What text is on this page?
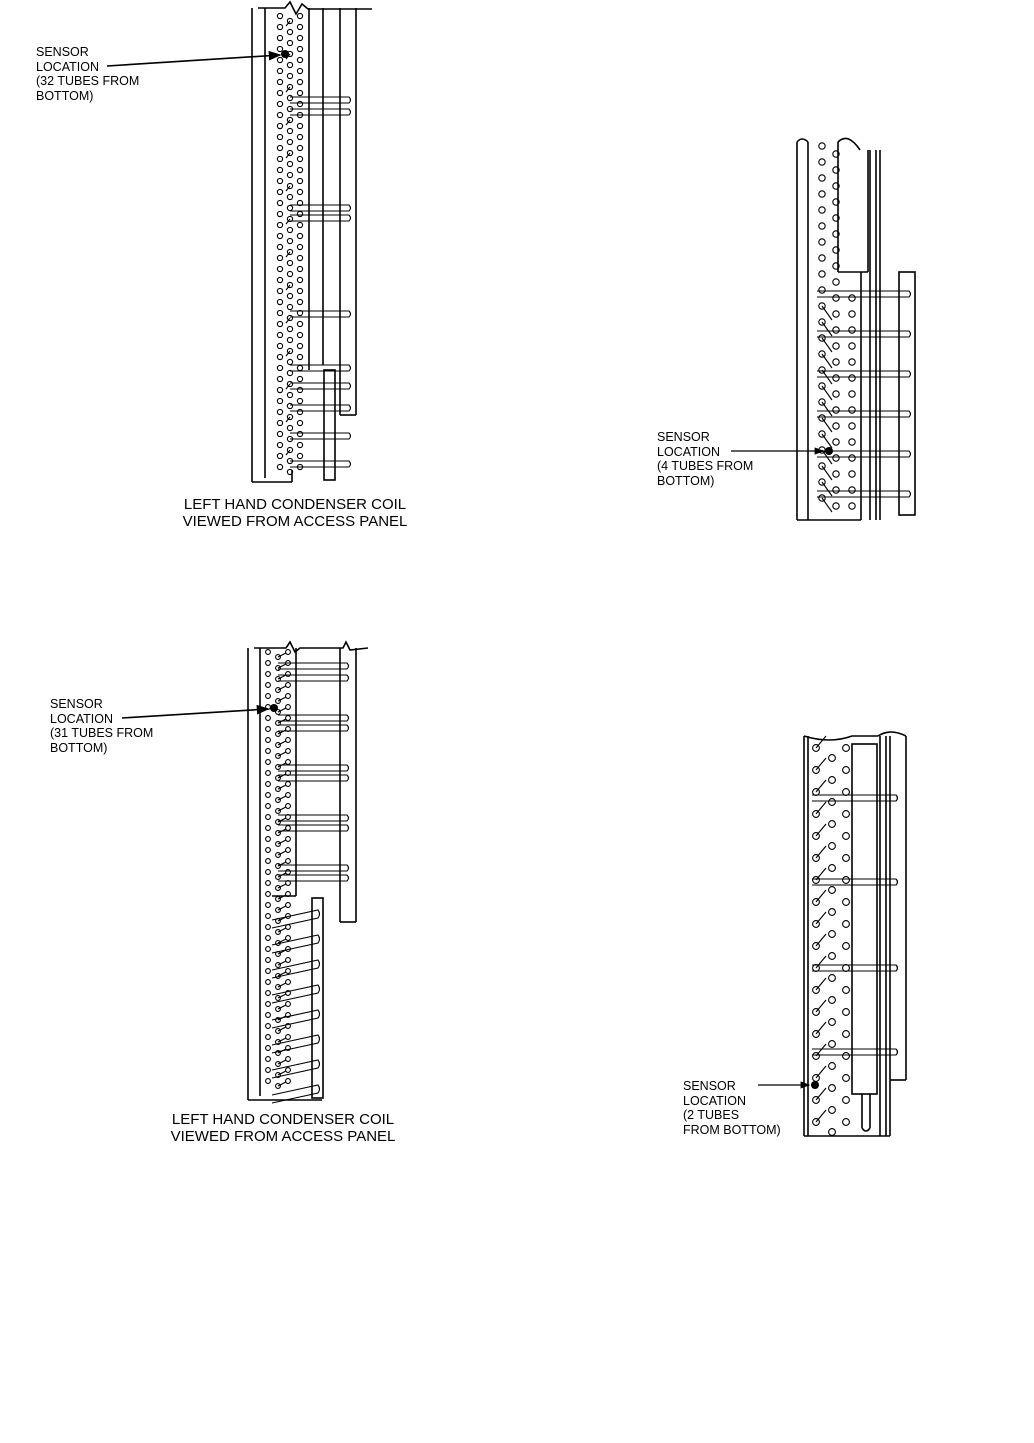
SENSOR
LOCATION
(32 TUBES FROM
BOTTOM)
LEFT HAND CONDENSER COIL
VIEWED FROM ACCESS PANEL
SENSOR
LOCATION
(4 TUBES FROM
BOTTOM)
SENSOR
LOCATION
(31 TUBES FROM
BOTTOM)
LEFT HAND CONDENSER COIL
VIEWED FROM ACCESS PANEL
SENSOR
LOCATION
(2 TUBES
FROM BOTTOM)
